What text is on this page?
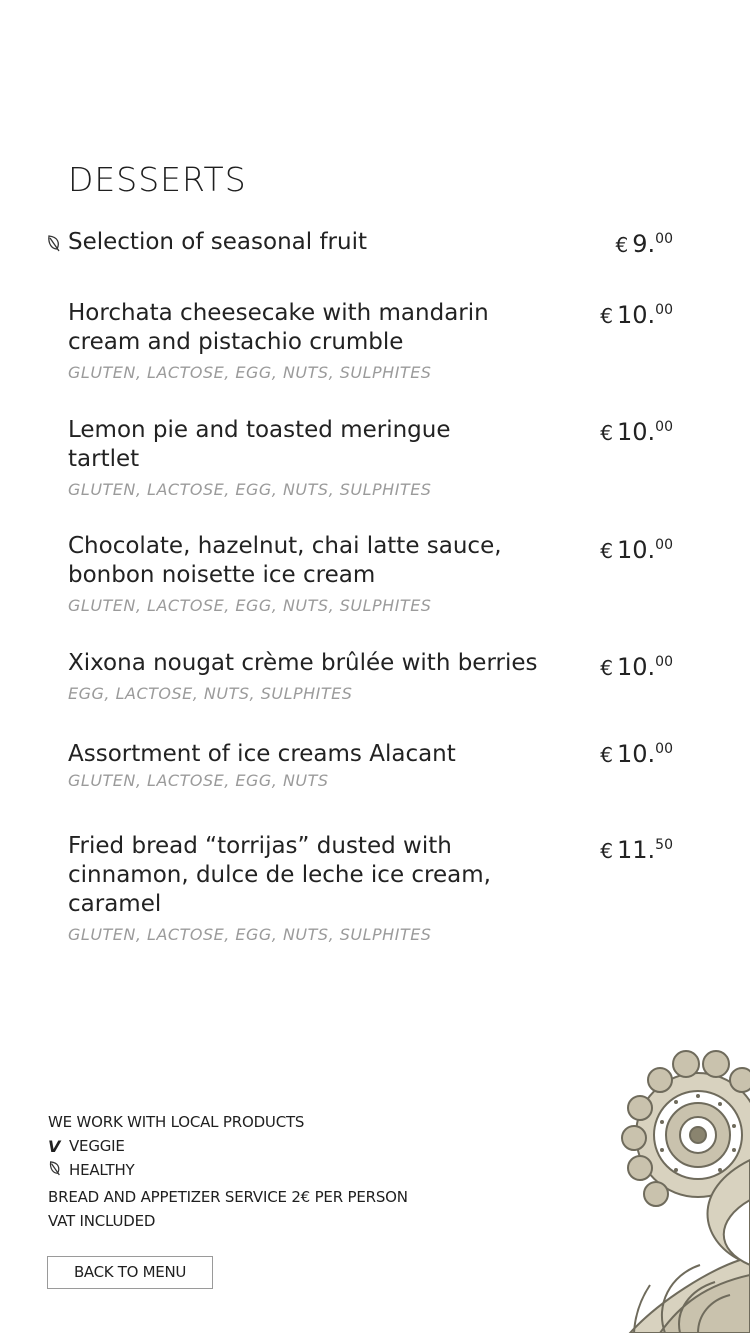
DESSERTS
Selection of seasonal fruit	€ 9.00
Horchata cheesecake with mandarin cream and pistachio crumble
GLUTEN, LACTOSE, EGG, NUTS, SULPHITES
€ 10.00
Lemon pie and toasted meringue tartlet
GLUTEN, LACTOSE, EGG, NUTS, SULPHITES
€ 10.00
Chocolate, hazelnut, chai latte sauce, bonbon noisette ice cream
GLUTEN, LACTOSE, EGG, NUTS, SULPHITES
€ 10.00
Xixona nougat crème brûlée with berries
EGG, LACTOSE, NUTS, SULPHITES
€ 10.00
Assortment of ice creams Alacant
GLUTEN, LACTOSE, EGG, NUTS
€ 10.00
Fried bread “torrijas” dusted with cinnamon, dulce de leche ice cream, caramel
GLUTEN, LACTOSE, EGG, NUTS, SULPHITES
€ 11.50
WE WORK WITH LOCAL PRODUCTS
V VEGGIE
HEALTHY
BREAD AND APPETIZER SERVICE 2€ PER PERSON
VAT INCLUDED
BACK TO MENU
